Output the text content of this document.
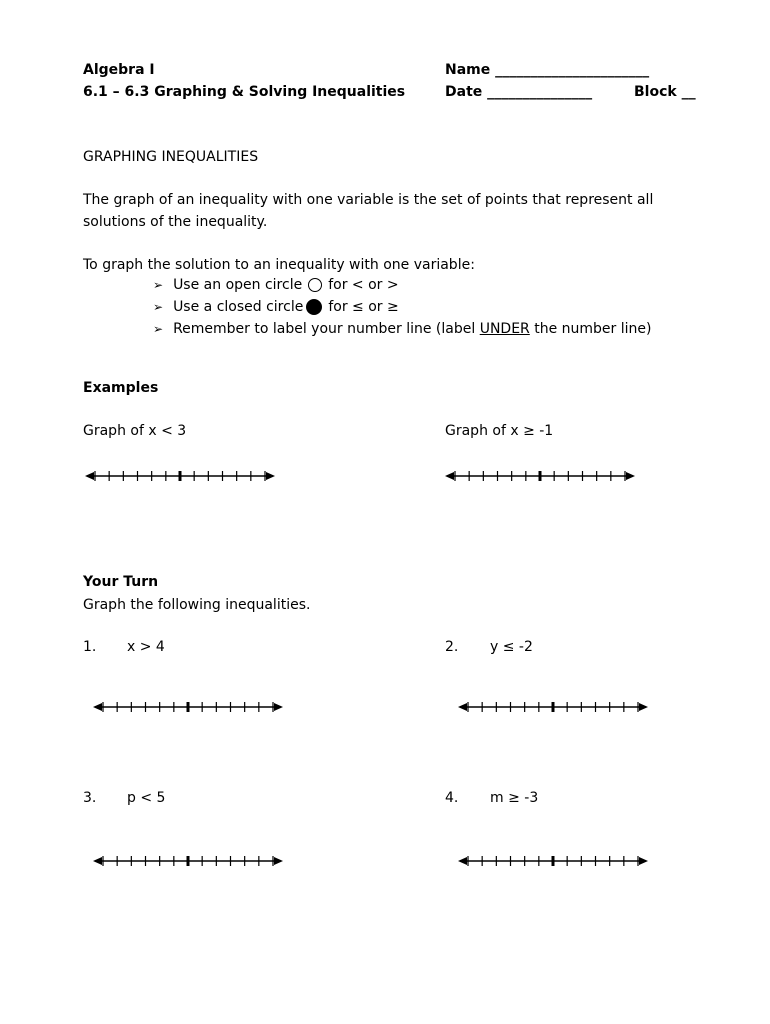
Algebra I
6.1 – 6.3 Graphing & Solving Inequalities
Name ______________________
Date _______________	Block __
GRAPHING INEQUALITIES
The graph of an inequality with one variable is the set of points that represent all
solutions of the inequality.
To graph the solution to an inequality with one variable:
➢ Use an open circle for < or >
➢ Use a closed circle for ≤ or ≥
➢ Remember to label your number line (label
UNDER
the number line)
Examples
Graph of x < 3	Graph of x ≥ -1
Your Turn
Graph the following inequalities.
1. x > 4	2. y ≤ -2
3. p < 5	4. m ≥ -3
